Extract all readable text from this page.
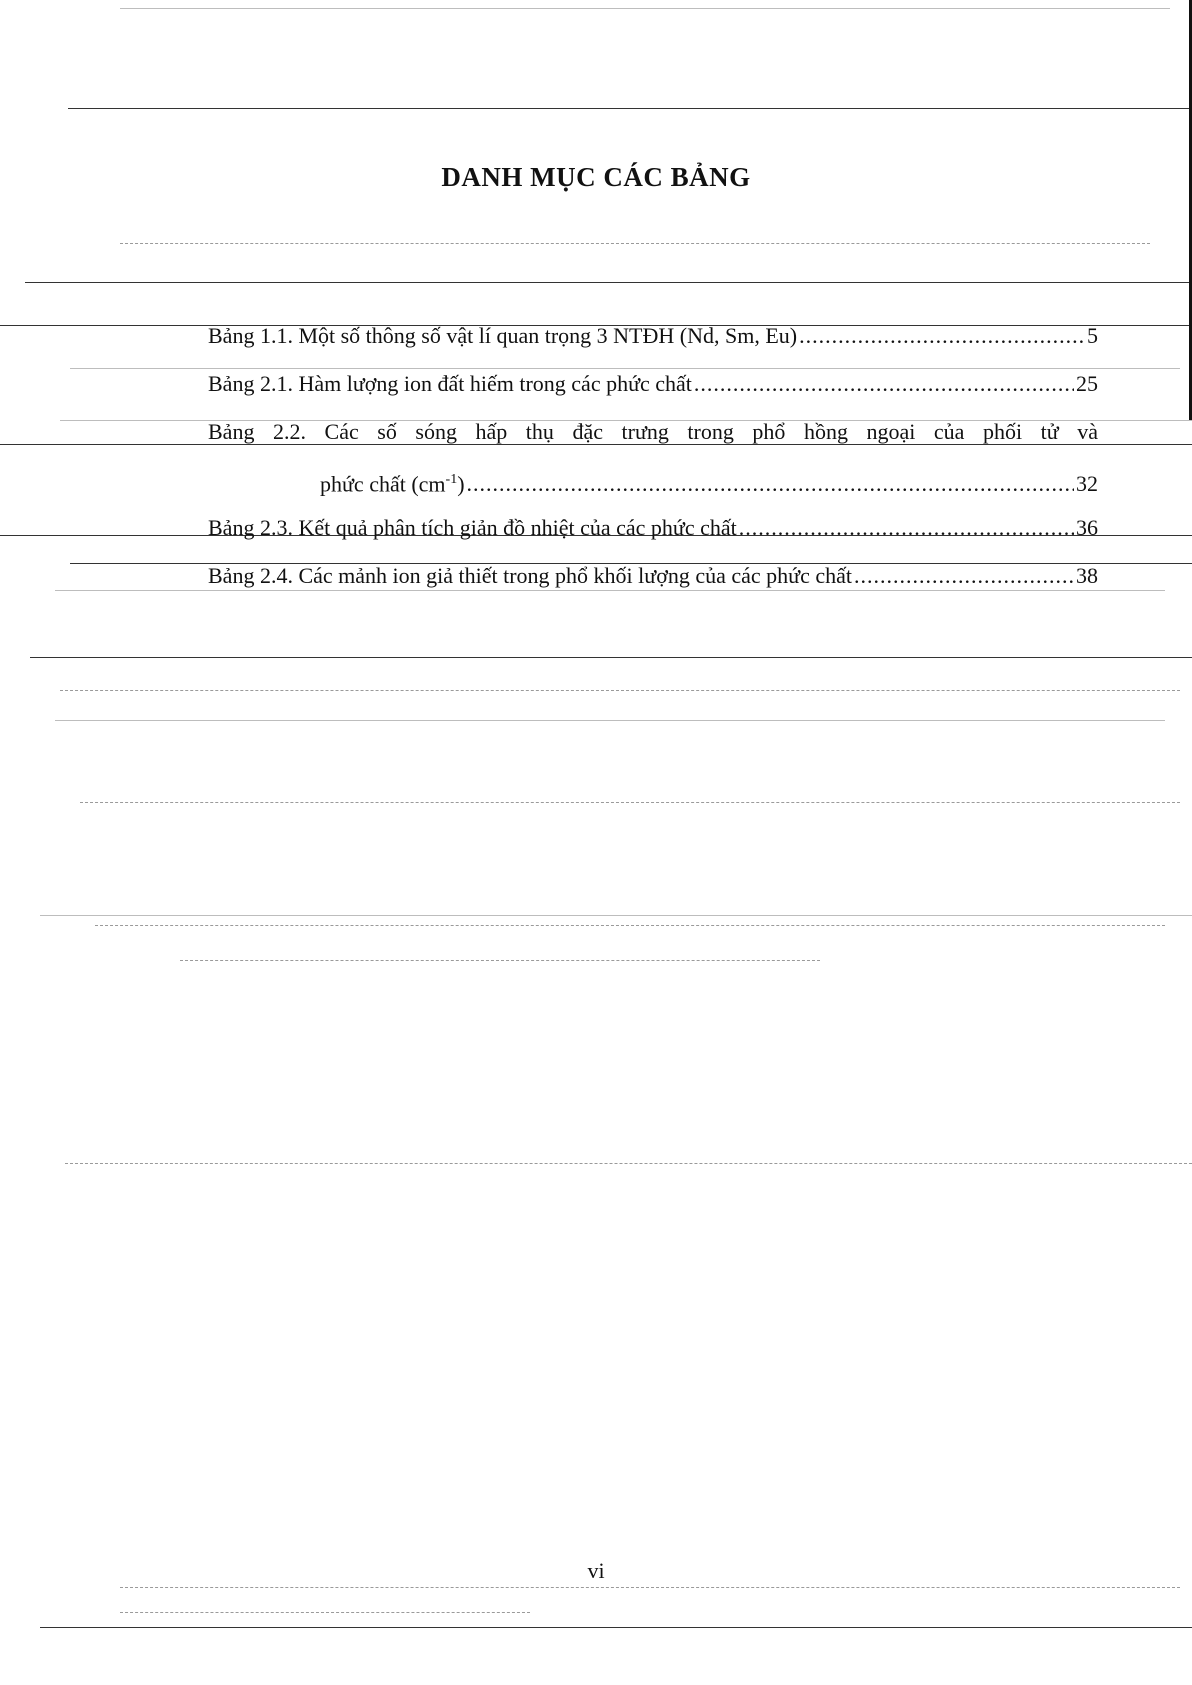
DANH MỤC CÁC BẢNG
Bảng 1.1. Một số thông số vật lí quan trọng 3 NTĐH (Nd, Sm, Eu) .....	5
Bảng 2.1. Hàm lượng ion đất hiếm trong các phức chất .....	25
Bảng 2.2. Các số sóng hấp thụ đặc trưng trong phổ hồng ngoại của phối tử và
phức chất $(cm^{-1})$ .....	32
Bảng 2.3. Kết quả phân tích giản đồ nhiệt của các phức chất .....	36
Bảng 2.4. Các mảnh ion giả thiết trong phổ khối lượng của các phức chất .....	38
vi
